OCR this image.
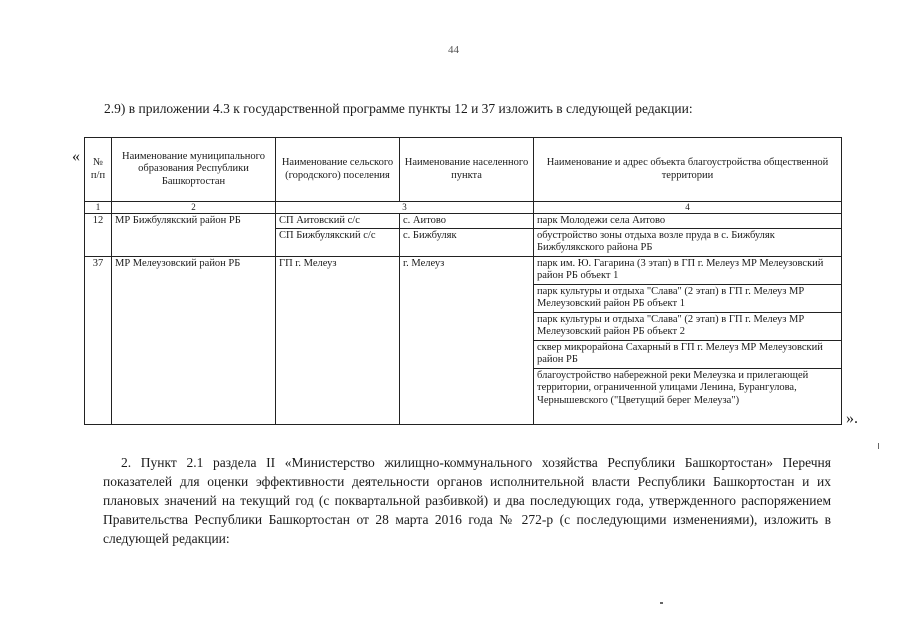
44
2.9) в приложении 4.3 к государственной программе пункты 12 и 37 изложить в следующей редакции:
« № п/п	Наименование муниципального образования Республики Башкортостан	Наименование сельского (городского) поселения	Наименование населенного пункта	Наименование и адрес объекта благоустройства общественной территории
1	2	3		4
12	МР Бижбулякский район РБ	СП Аитовский с/с	с. Аитово	парк Молодежи села Аитово
		СП Бижбулякский с/с	с. Бижбуляк	обустройство зоны отдыха возле пруда в с. Бижбуляк Бижбулякского района РБ
37	МР Мелеузовский район РБ	ГП г. Мелеуз	г. Мелеуз	парк им. Ю. Гагарина (3 этап) в ГП г. Мелеуз МР Мелеузовский район РБ объект 1
				парк культуры и отдыха "Слава" (2 этап) в ГП г. Мелеуз МР Мелеузовский район РБ объект 1
				парк культуры и отдыха "Слава" (2 этап) в ГП г. Мелеуз МР Мелеузовский район РБ объект 2
				сквер микрорайона Сахарный в ГП г. Мелеуз МР Мелеузовский район РБ
				благоустройство набережной реки Мелеузка и прилегающей территории, ограниченной улицами Ленина, Бурангулова, Чернышевского ("Цветущий берег Мелеуза")
».
2. Пункт 2.1 раздела II «Министерство жилищно-коммунального хозяйства Республики Башкортостан» Перечня показателей для оценки эффективности деятельности органов исполнительной власти Республики Башкортостан и их плановых значений на текущий год (с поквартальной разбивкой) и два последующих года, утвержденного распоряжением Правительства Республики Башкортостан от 28 марта 2016 года № 272-р (с последующими изменениями), изложить в следующей редакции:
